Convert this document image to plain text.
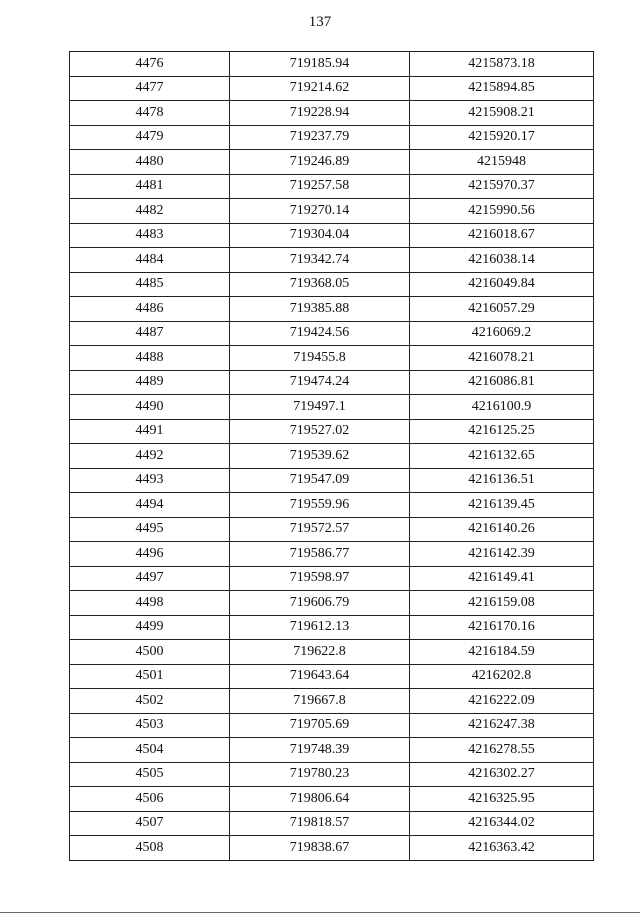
137
4476	719185.94	4215873.18
4477	719214.62	4215894.85
4478	719228.94	4215908.21
4479	719237.79	4215920.17
4480	719246.89	4215948
4481	719257.58	4215970.37
4482	719270.14	4215990.56
4483	719304.04	4216018.67
4484	719342.74	4216038.14
4485	719368.05	4216049.84
4486	719385.88	4216057.29
4487	719424.56	4216069.2
4488	719455.8	4216078.21
4489	719474.24	4216086.81
4490	719497.1	4216100.9
4491	719527.02	4216125.25
4492	719539.62	4216132.65
4493	719547.09	4216136.51
4494	719559.96	4216139.45
4495	719572.57	4216140.26
4496	719586.77	4216142.39
4497	719598.97	4216149.41
4498	719606.79	4216159.08
4499	719612.13	4216170.16
4500	719622.8	4216184.59
4501	719643.64	4216202.8
4502	719667.8	4216222.09
4503	719705.69	4216247.38
4504	719748.39	4216278.55
4505	719780.23	4216302.27
4506	719806.64	4216325.95
4507	719818.57	4216344.02
4508	719838.67	4216363.42
